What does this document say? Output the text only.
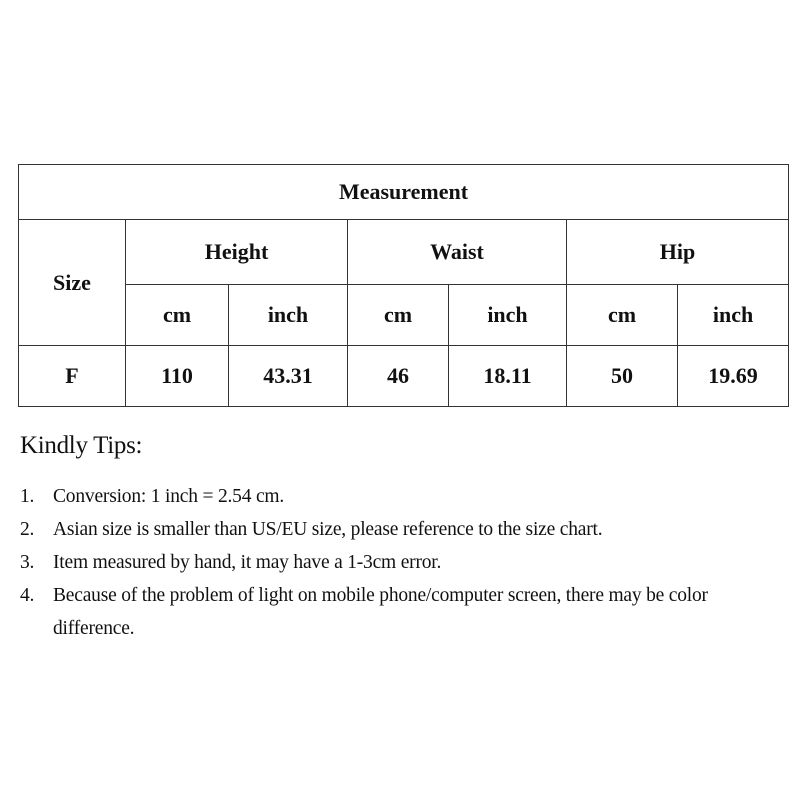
Measurement						
Size	Height		Waist		Hip	
	cm	inch	cm	inch	cm	inch
F	110	43.31	46	18.11	50	19.69
Kindly Tips:
1. Conversion: 1 inch = 2.54 cm.
2. Asian size is smaller than US/EU size, please reference to the size chart.
3. Item measured by hand, it may have a 1-3cm error.
4. Because of the problem of light on mobile phone/computer screen, there may be color difference.
